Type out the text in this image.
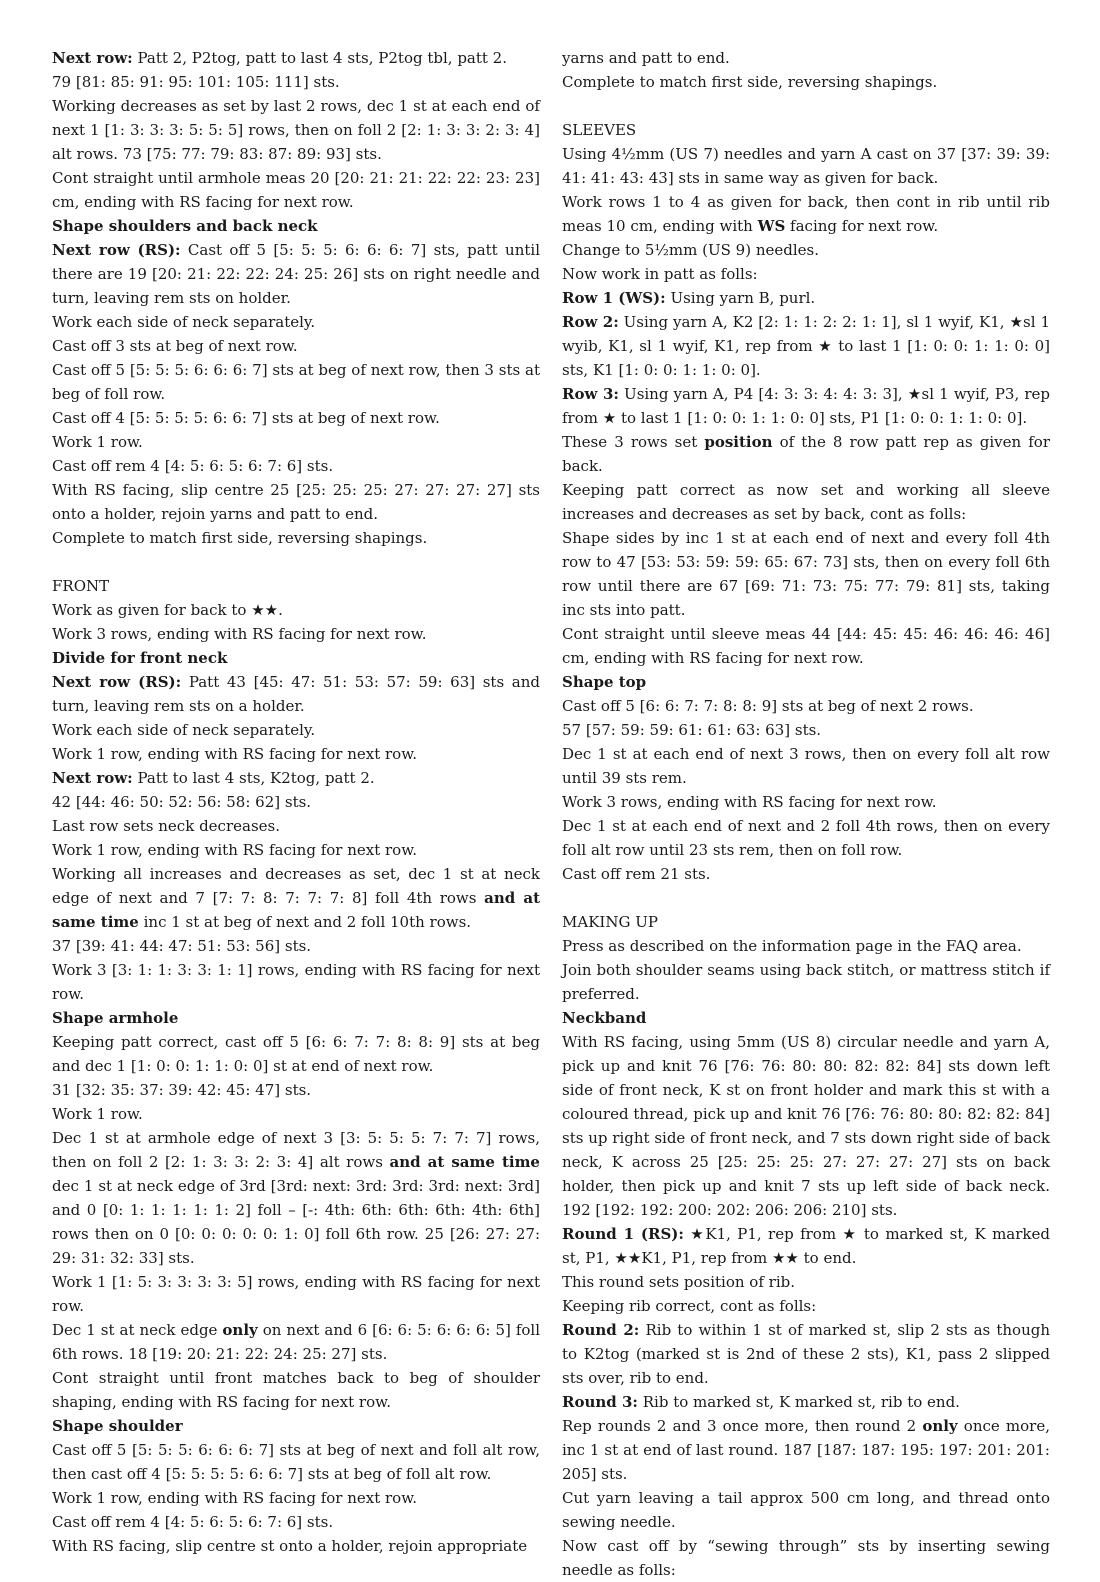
Next row: Patt 2, P2tog, patt to last 4 sts, P2tog tbl, patt 2.

79 [81: 85: 91: 95: 101: 105: 111] sts.

Working decreases as set by last 2 rows, dec 1 st at each end of next 1 [1: 3: 3: 3: 5: 5: 5] rows, then on foll 2 [2: 1: 3: 3: 2: 3: 4] alt rows. 73 [75: 77: 79: 83: 87: 89: 93] sts.

Cont straight until armhole meas 20 [20: 21: 21: 22: 22: 23: 23] cm, ending with RS facing for next row.

Shape shoulders and back neck

Next row (RS): Cast off 5 [5: 5: 5: 6: 6: 6: 7] sts, patt until there are 19 [20: 21: 22: 22: 24: 25: 26] sts on right needle and turn, leaving rem sts on holder.

Work each side of neck separately.

Cast off 3 sts at beg of next row.

Cast off 5 [5: 5: 5: 6: 6: 6: 7] sts at beg of next row, then 3 sts at beg of foll row.

Cast off 4 [5: 5: 5: 5: 6: 6: 7] sts at beg of next row.

Work 1 row.

Cast off rem 4 [4: 5: 6: 5: 6: 7: 6] sts.

With RS facing, slip centre 25 [25: 25: 25: 27: 27: 27: 27] sts onto a holder, rejoin yarns and patt to end.

Complete to match first side, reversing shapings.

FRONT

Work as given for back to ★★.

Work 3 rows, ending with RS facing for next row.

Divide for front neck

Next row (RS): Patt 43 [45: 47: 51: 53: 57: 59: 63] sts and turn, leaving rem sts on a holder.

Work each side of neck separately.

Work 1 row, ending with RS facing for next row.

Next row: Patt to last 4 sts, K2tog, patt 2.

42 [44: 46: 50: 52: 56: 58: 62] sts.

Last row sets neck decreases.

Work 1 row, ending with RS facing for next row.

Working all increases and decreases as set, dec 1 st at neck edge of next and 7 [7: 7: 8: 7: 7: 7: 8] foll 4th rows and at same time inc 1 st at beg of next and 2 foll 10th rows.

37 [39: 41: 44: 47: 51: 53: 56] sts.

Work 3 [3: 1: 1: 3: 3: 1: 1] rows, ending with RS facing for next row.

Shape armhole

Keeping patt correct, cast off 5 [6: 6: 7: 7: 8: 8: 9] sts at beg and dec 1 [1: 0: 0: 1: 1: 0: 0] st at end of next row.

31 [32: 35: 37: 39: 42: 45: 47] sts.

Work 1 row.

Dec 1 st at armhole edge of next 3 [3: 5: 5: 5: 7: 7: 7] rows, then on foll 2 [2: 1: 3: 3: 2: 3: 4] alt rows and at same time dec 1 st at neck edge of 3rd [3rd: next: 3rd: 3rd: 3rd: next: 3rd] and 0 [0: 1: 1: 1: 1: 1: 2] foll – [-: 4th: 6th: 6th: 6th: 4th: 6th] rows then on 0 [0: 0: 0: 0: 0: 1: 0] foll 6th row. 25 [26: 27: 27: 29: 31: 32: 33] sts.

Work 1 [1: 5: 3: 3: 3: 3: 5] rows, ending with RS facing for next row.

Dec 1 st at neck edge only on next and 6 [6: 6: 5: 6: 6: 6: 5] foll 6th rows. 18 [19: 20: 21: 22: 24: 25: 27] sts.

Cont straight until front matches back to beg of shoulder shaping, ending with RS facing for next row.

Shape shoulder

Cast off 5 [5: 5: 5: 6: 6: 6: 7] sts at beg of next and foll alt row, then cast off 4 [5: 5: 5: 5: 6: 6: 7] sts at beg of foll alt row.

Work 1 row, ending with RS facing for next row.

Cast off rem 4 [4: 5: 6: 5: 6: 7: 6] sts.

With RS facing, slip centre st onto a holder, rejoin appropriate

yarns and patt to end.

Complete to match first side, reversing shapings.

SLEEVES

Using 4½mm (US 7) needles and yarn A cast on 37 [37: 39: 39: 41: 41: 43: 43] sts in same way as given for back.

Work rows 1 to 4 as given for back, then cont in rib until rib meas 10 cm, ending with WS facing for next row.

Change to 5½mm (US 9) needles.

Now work in patt as folls:

Row 1 (WS): Using yarn B, purl.

Row 2: Using yarn A, K2 [2: 1: 1: 2: 2: 1: 1], sl 1 wyif, K1, ★sl 1 wyib, K1, sl 1 wyif, K1, rep from ★ to last 1 [1: 0: 0: 1: 1: 0: 0] sts, K1 [1: 0: 0: 1: 1: 0: 0].

Row 3: Using yarn A, P4 [4: 3: 3: 4: 4: 3: 3], ★sl 1 wyif, P3, rep from ★ to last 1 [1: 0: 0: 1: 1: 0: 0] sts, P1 [1: 0: 0: 1: 1: 0: 0].

These 3 rows set position of the 8 row patt rep as given for back.

Keeping patt correct as now set and working all sleeve increases and decreases as set by back, cont as folls:

Shape sides by inc 1 st at each end of next and every foll 4th row to 47 [53: 53: 59: 59: 65: 67: 73] sts, then on every foll 6th row until there are 67 [69: 71: 73: 75: 77: 79: 81] sts, taking inc sts into patt.

Cont straight until sleeve meas 44 [44: 45: 45: 46: 46: 46: 46] cm, ending with RS facing for next row.

Shape top

Cast off 5 [6: 6: 7: 7: 8: 8: 9] sts at beg of next 2 rows.

57 [57: 59: 59: 61: 61: 63: 63] sts.

Dec 1 st at each end of next 3 rows, then on every foll alt row until 39 sts rem.

Work 3 rows, ending with RS facing for next row.

Dec 1 st at each end of next and 2 foll 4th rows, then on every foll alt row until 23 sts rem, then on foll row.

Cast off rem 21 sts.

MAKING UP

Press as described on the information page in the FAQ area.

Join both shoulder seams using back stitch, or mattress stitch if preferred.

Neckband

With RS facing, using 5mm (US 8) circular needle and yarn A, pick up and knit 76 [76: 76: 80: 80: 82: 82: 84] sts down left side of front neck, K st on front holder and mark this st with a coloured thread, pick up and knit 76 [76: 76: 80: 80: 82: 82: 84] sts up right side of front neck, and 7 sts down right side of back neck, K across 25 [25: 25: 25: 27: 27: 27: 27] sts on back holder, then pick up and knit 7 sts up left side of back neck. 192 [192: 192: 200: 202: 206: 206: 210] sts.

Round 1 (RS): ★K1, P1, rep from ★ to marked st, K marked st, P1, ★★K1, P1, rep from ★★ to end.

This round sets position of rib.

Keeping rib correct, cont as folls:

Round 2: Rib to within 1 st of marked st, slip 2 sts as though to K2tog (marked st is 2nd of these 2 sts), K1, pass 2 slipped sts over, rib to end.

Round 3: Rib to marked st, K marked st, rib to end.

Rep rounds 2 and 3 once more, then round 2 only once more, inc 1 st at end of last round. 187 [187: 187: 195: 197: 201: 201: 205] sts.

Cut yarn leaving a tail approx 500 cm long, and thread onto sewing needle.

Now cast off by “sewing through” sts by inserting sewing needle as folls:
